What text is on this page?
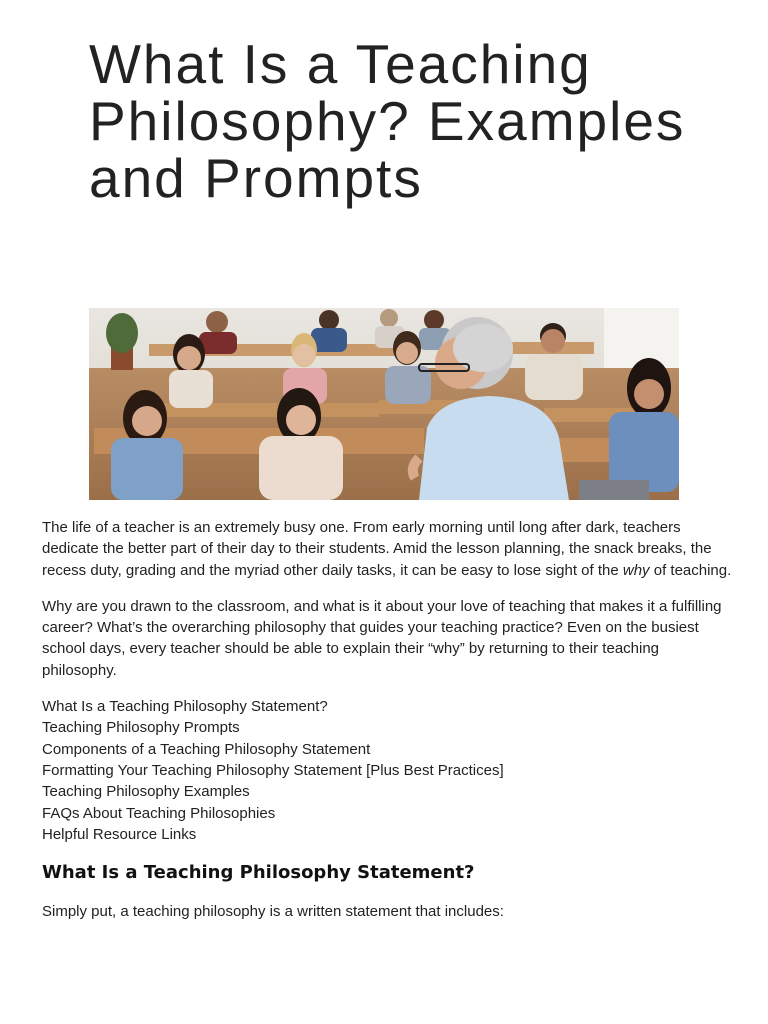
What Is a Teaching Philosophy? Examples and Prompts

The life of a teacher is an extremely busy one. From early morning until long after dark, teachers dedicate the better part of their day to their students. Amid the lesson planning, the snack breaks, the recess duty, grading and the myriad other daily tasks, it can be easy to lose sight of the why of teaching.

Why are you drawn to the classroom, and what is it about your love of teaching that makes it a fulfilling career? What’s the overarching philosophy that guides your teaching practice? Even on the busiest school days, every teacher should be able to explain their “why” by returning to their teaching philosophy.

What Is a Teaching Philosophy Statement?
Teaching Philosophy Prompts
Components of a Teaching Philosophy Statement
Formatting Your Teaching Philosophy Statement [Plus Best Practices]
Teaching Philosophy Examples
FAQs About Teaching Philosophies
Helpful Resource Links
What Is a Teaching Philosophy Statement?

Simply put, a teaching philosophy is a written statement that includes:
